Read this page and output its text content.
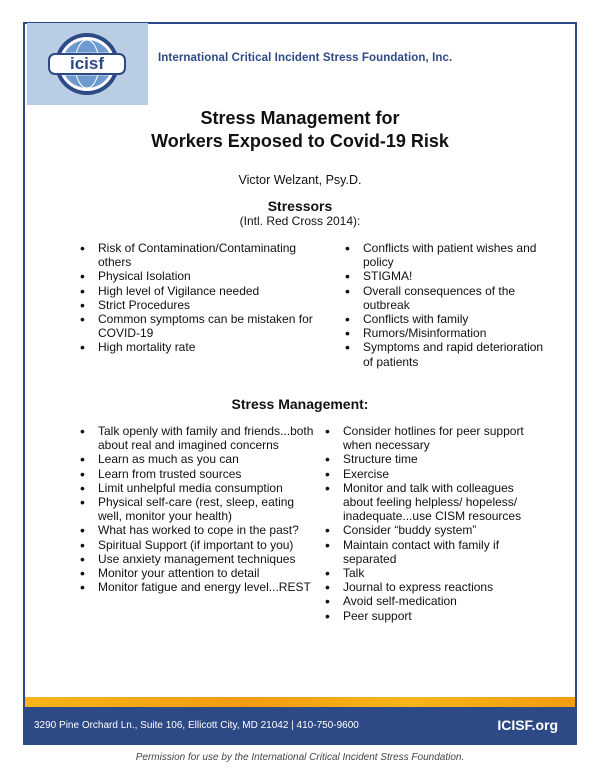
icisf	International Critical Incident Stress Foundation, Inc.
Stress Management for
Workers Exposed to Covid-19 Risk
Victor Welzant, Psy.D.
Stressors
(Intl. Red Cross 2014):
• Risk of Contamination/Contaminating others
• Physical Isolation
• High level of Vigilance needed
• Strict Procedures
• Common symptoms can be mistaken for COVID-19
• High mortality rate
• Conflicts with patient wishes and policy
• STIGMA!
• Overall consequences of the outbreak
• Conflicts with family
• Rumors/Misinformation
• Symptoms and rapid deterioration of patients
Stress Management:
• Talk openly with family and friends...both about real and imagined concerns
• Learn as much as you can
• Learn from trusted sources
• Limit unhelpful media consumption
• Physical self-care (rest, sleep, eating well, monitor your health)
• What has worked to cope in the past?
• Spiritual Support (if important to you)
• Use anxiety management techniques
• Monitor your attention to detail
• Monitor fatigue and energy level...REST
• Consider hotlines for peer support when necessary
• Structure time
• Exercise
• Monitor and talk with colleagues about feeling helpless/ hopeless/ inadequate...use CISM resources
• Consider “buddy system”
• Maintain contact with family if separated
• Talk
• Journal to express reactions
• Avoid self-medication
• Peer support
3290 Pine Orchard Ln., Suite 106, Ellicott City, MD 21042 | 410-750-9600	ICISF.org
Permission for use by the International Critical Incident Stress Foundation.
